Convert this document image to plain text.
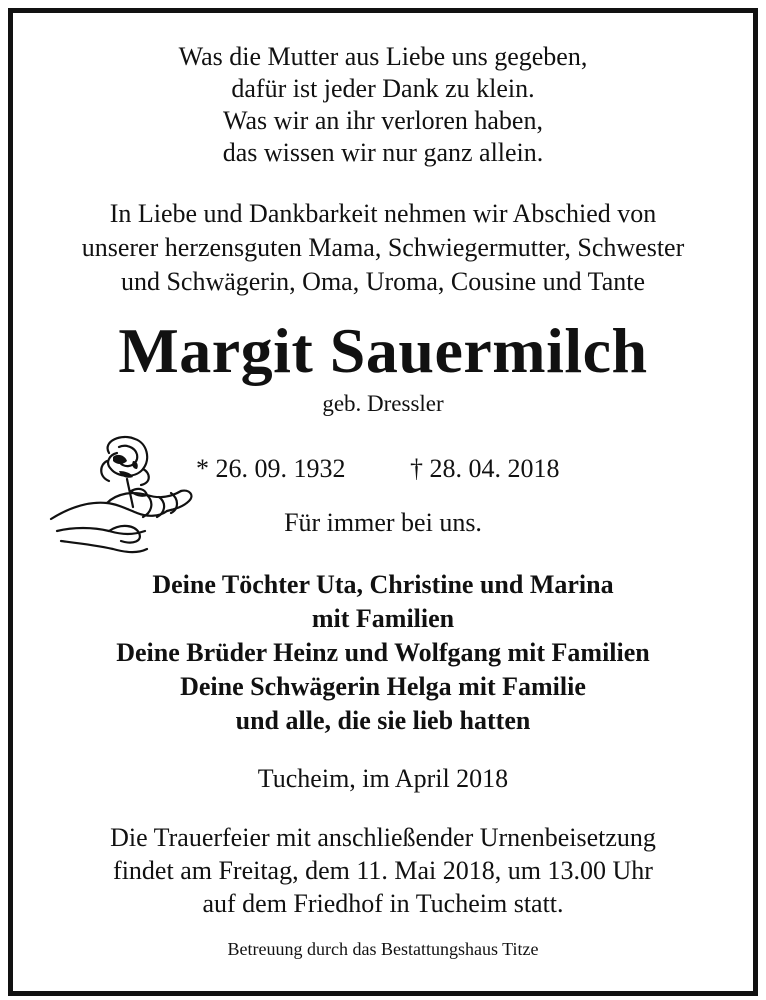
Was die Mutter aus Liebe uns gegeben,
dafür ist jeder Dank zu klein.
Was wir an ihr verloren haben,
das wissen wir nur ganz allein.
In Liebe und Dankbarkeit nehmen wir Abschied von
unserer herzensguten Mama, Schwiegermutter, Schwester
und Schwägerin, Oma, Uroma, Cousine und Tante
Margit Sauermilch
geb. Dressler
* 26. 09. 1932 † 28. 04. 2018
Für immer bei uns.
Deine Töchter Uta, Christine und Marina
mit Familien
Deine Brüder Heinz und Wolfgang mit Familien
Deine Schwägerin Helga mit Familie
und alle, die sie lieb hatten
Tucheim, im April 2018
Die Trauerfeier mit anschließender Urnenbeisetzung
findet am Freitag, dem 11. Mai 2018, um 13.00 Uhr
auf dem Friedhof in Tucheim statt.
Betreuung durch das Bestattungshaus Titze
